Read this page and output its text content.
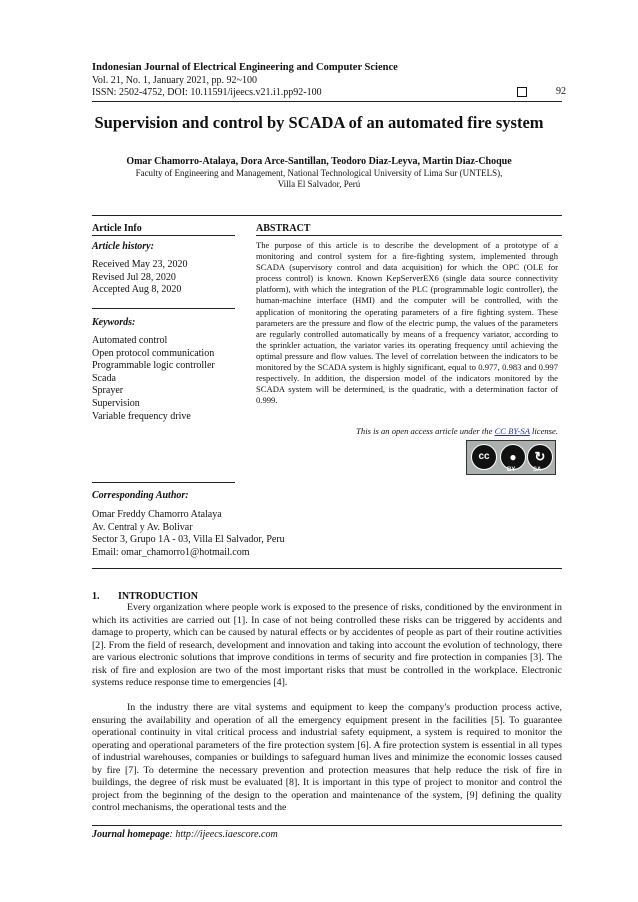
Indonesian Journal of Electrical Engineering and Computer Science
Vol. 21, No. 1, January 2021, pp. 92~100
ISSN: 2502-4752, DOI: 10.11591/ijeecs.v21.i1.pp92-100	92
Supervision and control by SCADA of an automated fire system
Omar Chamorro-Atalaya, Dora Arce-Santillan, Teodoro Diaz-Leyva, Martin Diaz-Choque
Faculty of Engineering and Management, National Technological University of Lima Sur (UNTELS),
Villa El Salvador, Perú
Article Info
Article history:
Received May 23, 2020
Revised Jul 28, 2020
Accepted Aug 8, 2020
Keywords:
Automated control
Open protocol communication
Programmable logic controller
Scada
Sprayer
Supervision
Variable frequency drive
ABSTRACT
The purpose of this article is to describe the development of a prototype of a monitoring and control system for a fire-fighting system, implemented through SCADA (supervisory control and data acquisition) for which the OPC (OLE for process control) is known. Known KepServerEX6 (single data source connectivity platform), with which the integration of the PLC (programmable logic controller), the human-machine interface (HMI) and the computer will be controlled, with the application of monitoring the operating parameters of a fire fighting system. These parameters are the pressure and flow of the electric pump, the values of the parameters are regularly controlled automatically by means of a frequency variator, according to the sprinkler actuation, the variator varies its operating frequency until achieving the optimal pressure and flow values. The level of correlation between the indicators to be monitored by the SCADA system is highly significant, equal to 0.977, 0.983 and 0.997 respectively. In addition, the dispersion model of the indicators monitored by the SCADA system will be determined, is the quadratic, with a determination factor of 0.999.
This is an open access article under the CC BY-SA license.
cc	●	↻
BY	SA
Corresponding Author:
Omar Freddy Chamorro Atalaya
Av. Central y Av. Bolivar
Sector 3, Grupo 1A - 03, Villa El Salvador, Peru
Email: omar_chamorro1@hotmail.com
1. INTRODUCTION
Every organization where people work is exposed to the presence of risks, conditioned by the environment in which its activities are carried out [1]. In case of not being controlled these risks can be triggered by accidents and damage to property, which can be caused by natural effects or by accidentes of people as part of their routine activities [2]. From the field of research, development and innovation and taking into account the evolution of technology, there are various electronic solutions that improve conditions in terms of security and fire protection in companies [3]. The risk of fire and explosion are two of the most important risks that must be controlled in the workplace. Electronic systems reduce response time to emergencies [4].
In the industry there are vital systems and equipment to keep the company's production process active, ensuring the availability and operation of all the emergency equipment present in the facilities [5]. To guarantee operational continuity in vital critical process and industrial safety equipment, a system is required to monitor the operating and operational parameters of the fire protection system [6]. A fire protection system is essential in all types of industrial warehouses, companies or buildings to safeguard human lives and minimize the economic losses caused by fire [7]. To determine the necessary prevention and protection measures that help reduce the risk of fire in buildings, the degree of risk must be evaluated [8]. It is important in this type of project to monitor and control the project from the beginning of the design to the operation and maintenance of the system, [9] defining the quality control mechanisms, the operational tests and the
Journal homepage: http://ijeecs.iaescore.com
